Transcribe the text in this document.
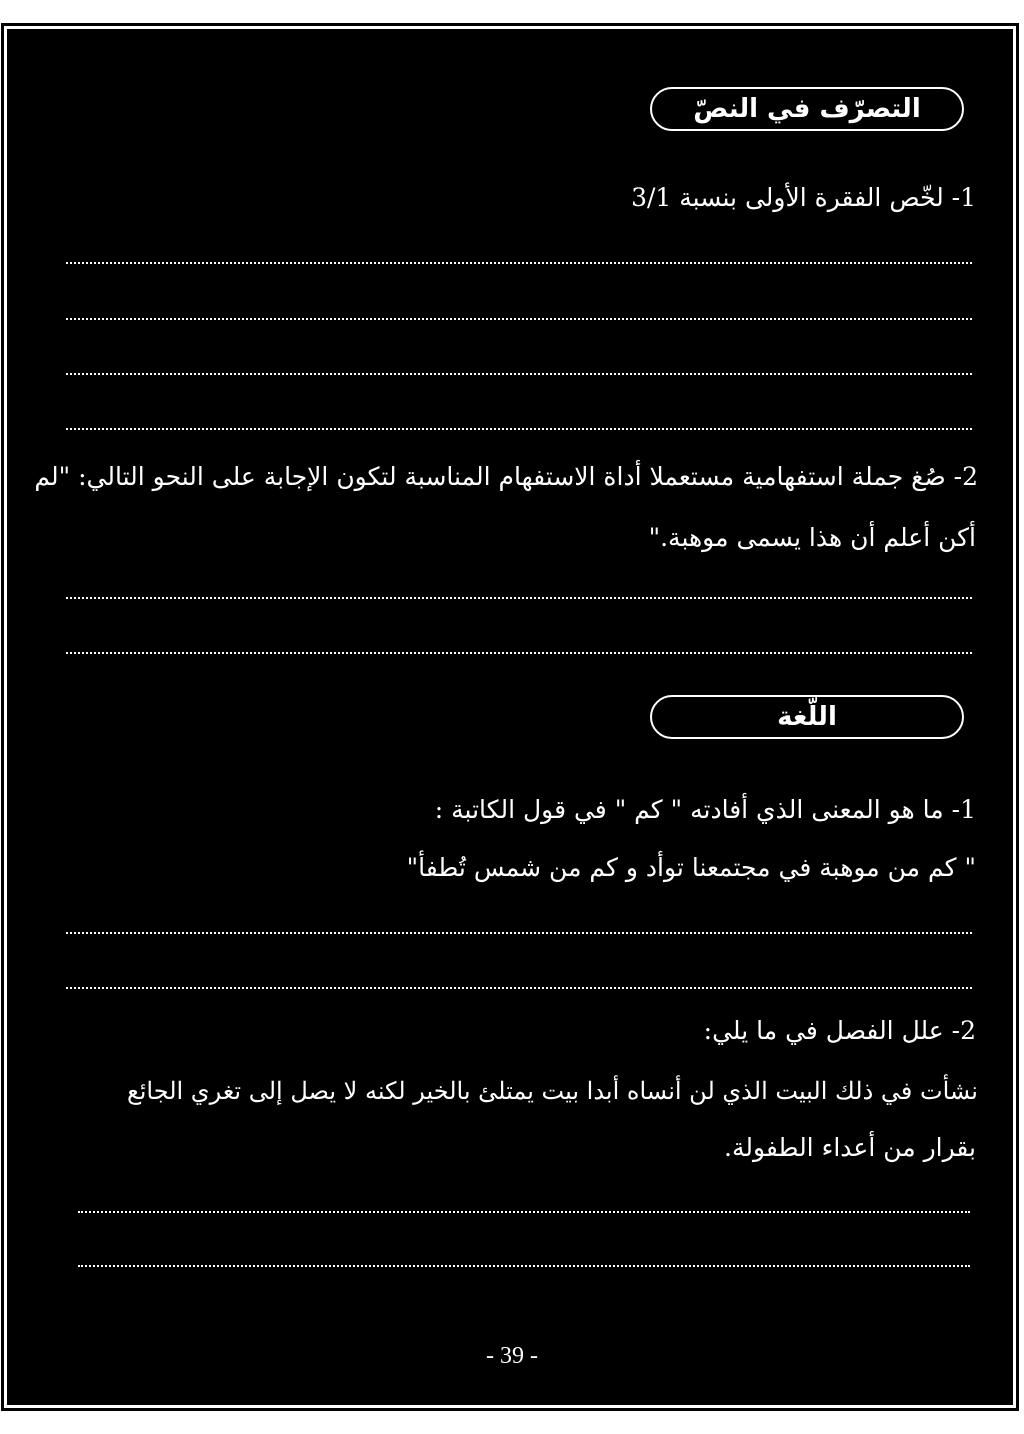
التصرّف في النصّ
1- لخّص الفقرة الأولى بنسبة 3/1
2- صُغ جملة استفهامية مستعملا أداة الاستفهام المناسبة لتكون الإجابة على النحو التالي: "لم
أكن أعلم أن هذا يسمى موهبة."
اللّغة
1- ما هو المعنى الذي أفادته " كم " في قول الكاتبة :
" كم من موهبة في مجتمعنا توأد و كم من شمس تُطفأ"
2- علل الفصل في ما يلي:
نشأت في ذلك البيت الذي لن أنساه أبدا بيت يمتلئ بالخير لكنه لا يصل إلى تغري الجائع
بقرار من أعداء الطفولة.
- 39 -
